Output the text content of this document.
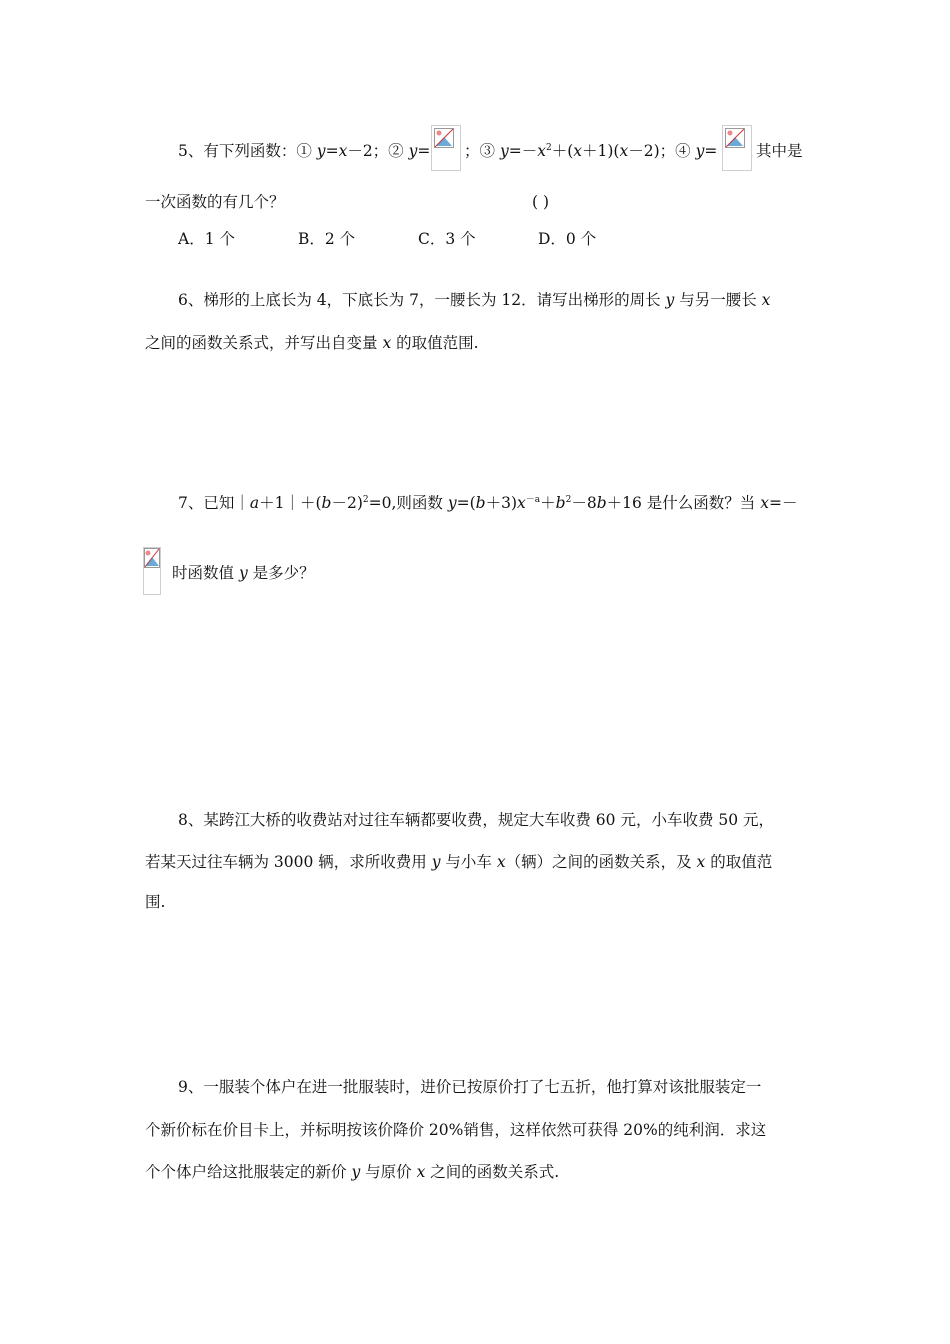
5、有下列函数：① y=x－2；② y= ；③ $y=-x^2+(x+1)(x-2)$；④ y= 其中是
一次函数的有几个？	( )
A．1 个	B．2 个	C．3 个	D．0 个
6、梯形的上底长为 4，下底长为 7，一腰长为 12．请写出梯形的周长 y 与另一腰长 x
之间的函数关系式，并写出自变量 x 的取值范围.
7、已知$|a+1|+(b-2)^2=0$,则函数 $y=(b+3)x^{-a}+b^2-8b+16$ 是什么函数？当 x=－
时函数值 y 是多少？
8、某跨江大桥的收费站对过往车辆都要收费，规定大车收费 60 元，小车收费 50 元，
若某天过往车辆为 3000 辆，求所收费用 y 与小车 x（辆）之间的函数关系，及 x 的取值范
围.
9、一服装个体户在进一批服装时，进价已按原价打了七五折，他打算对该批服装定一
个新价标在价目卡上，并标明按该价降价 20%销售，这样依然可获得 20%的纯利润．求这
个个体户给这批服装定的新价 y 与原价 x 之间的函数关系式.
